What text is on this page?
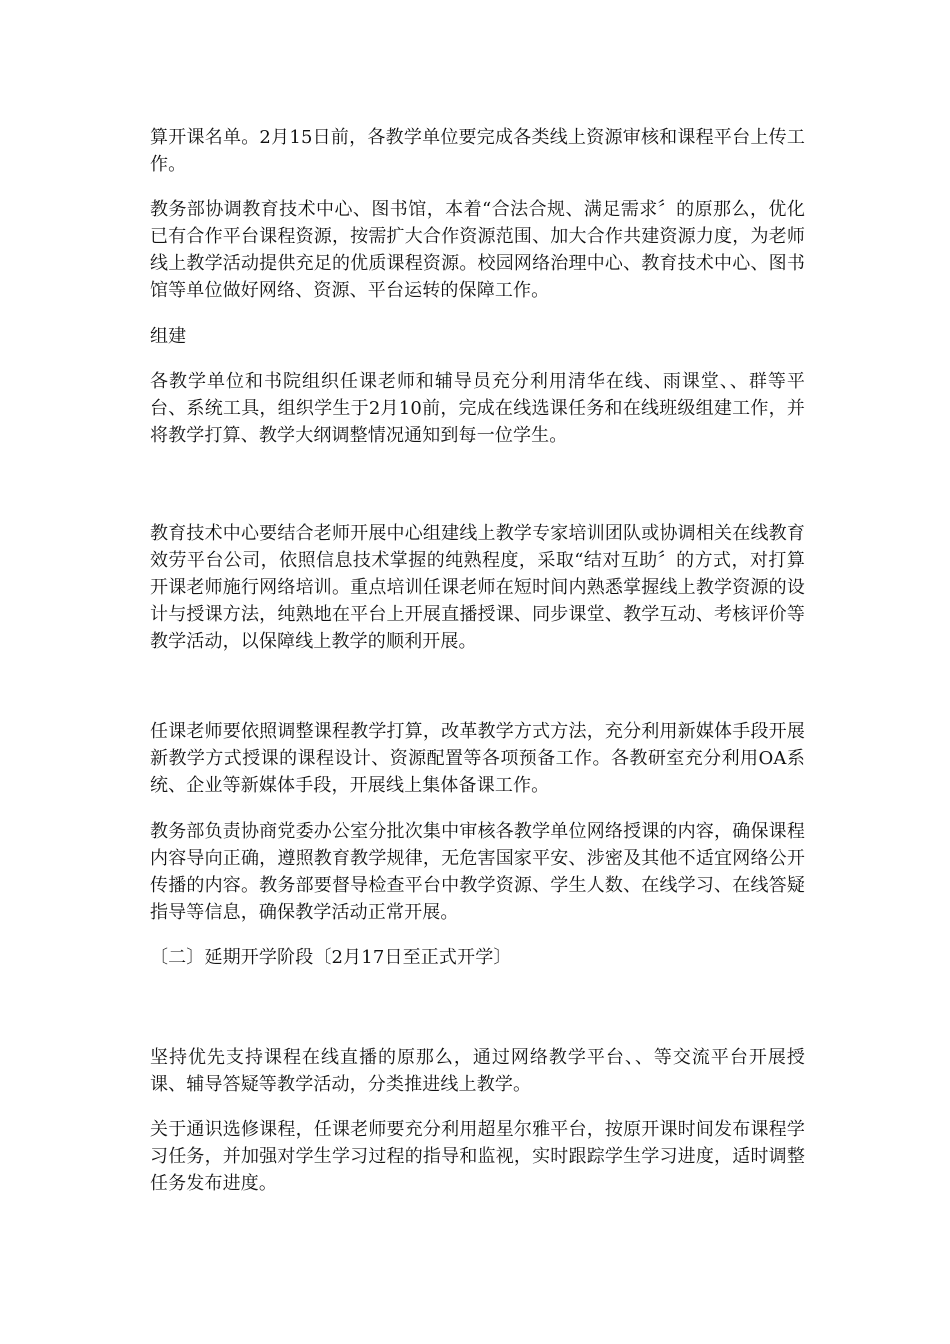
算开课名单。2月15日前，各教学单位要完成各类线上资源审核和课程平台上传工作。

教务部协调教育技术中心、图书馆，本着“合法合规、满足需求〞的原那么，优化已有合作平台课程资源，按需扩大合作资源范围、加大合作共建资源力度，为老师线上教学活动提供充足的优质课程资源。校园网络治理中心、教育技术中心、图书馆等单位做好网络、资源、平台运转的保障工作。

组建

各教学单位和书院组织任课老师和辅导员充分利用清华在线、雨课堂、、群等平台、系统工具，组织学生于2月10前，完成在线选课任务和在线班级组建工作，并将教学打算、教学大纲调整情况通知到每一位学生。

教育技术中心要结合老师开展中心组建线上教学专家培训团队或协调相关在线教育效劳平台公司，依照信息技术掌握的纯熟程度，采取“结对互助〞的方式，对打算开课老师施行网络培训。重点培训任课老师在短时间内熟悉掌握线上教学资源的设计与授课方法，纯熟地在平台上开展直播授课、同步课堂、教学互动、考核评价等教学活动，以保障线上教学的顺利开展。

任课老师要依照调整课程教学打算，改革教学方式方法，充分利用新媒体手段开展新教学方式授课的课程设计、资源配置等各项预备工作。各教研室充分利用OA系统、企业等新媒体手段，开展线上集体备课工作。

教务部负责协商党委办公室分批次集中审核各教学单位网络授课的内容，确保课程内容导向正确，遵照教育教学规律，无危害国家平安、涉密及其他不适宜网络公开传播的内容。教务部要督导检查平台中教学资源、学生人数、在线学习、在线答疑指导等信息，确保教学活动正常开展。

〔二〕延期开学阶段〔2月17日至正式开学〕

坚持优先支持课程在线直播的原那么，通过网络教学平台、、等交流平台开展授课、辅导答疑等教学活动，分类推进线上教学。

关于通识选修课程，任课老师要充分利用超星尔雅平台，按原开课时间发布课程学习任务，并加强对学生学习过程的指导和监视，实时跟踪学生学习进度，适时调整任务发布进度。
